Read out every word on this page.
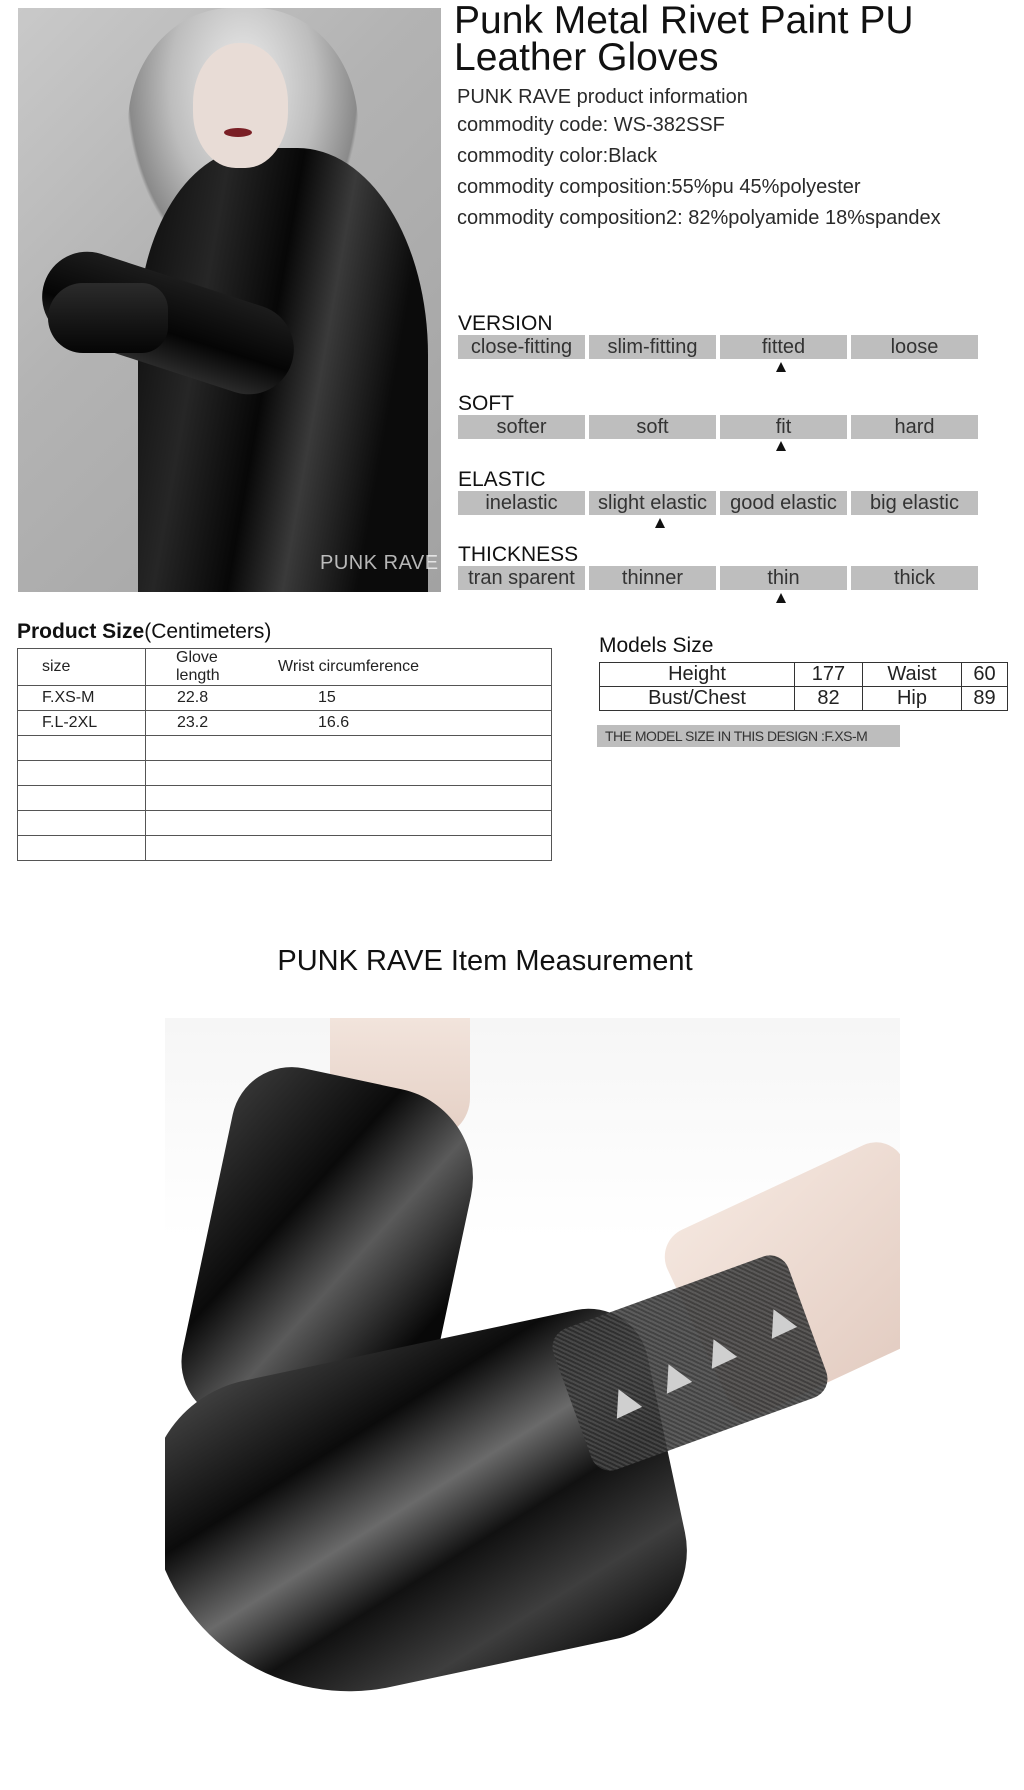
PUNK RAVE
Punk Metal Rivet Paint PU Leather Gloves

PUNK RAVE product information

commodity code: WS-382SSF

commodity color:Black

commodity composition:55%pu 45%polyester

commodity composition2: 82%polyamide 18%spandex

VERSION
close-fitting	slim-fitting	fitted	loose
SOFT
softer	soft	fit	hard
ELASTIC
inelastic	slight elastic	good elastic	big elastic
THICKNESS
tran sparent	thinner	thin	thick
Product Size(Centimeters)
size	Glove length	Wrist circumference
F.XS-M	22.8	15
F.L-2XL	23.2	16.6

Models Size
Height	177	Waist	60
Bust/Chest	82	Hip	89
THE MODEL SIZE IN THIS DESIGN :F.XS-M
PUNK RAVE Item Measurement
